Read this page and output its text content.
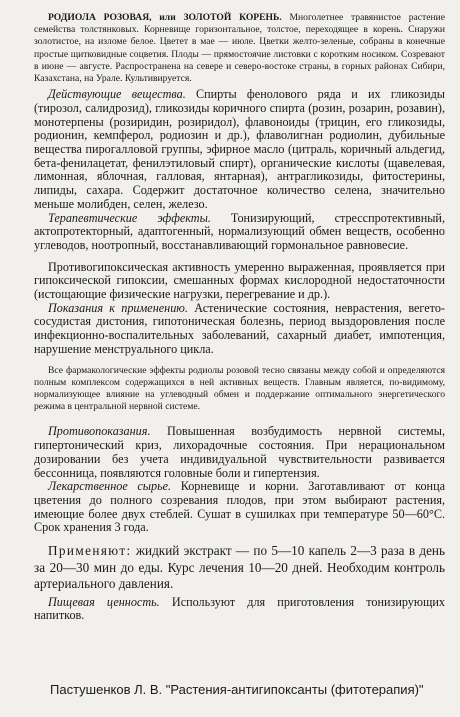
РОДИОЛА РОЗОВАЯ, или ЗОЛОТОЙ КОРЕНЬ. Многолетнее травянистое растение семейства толстянковых. Корневище горизонтальное, толстое, переходящее в корень. Снаружи золотистое, на изломе белое. Цветет в мае — июле. Цветки желто-зеленые, собраны в конечные простые щитковидные соцветия. Плоды — прямостоячие листовки с коротким носиком. Созревают в июне — августе. Распространена на севере и северо-востоке страны, в горных районах Сибири, Казахстана, на Урале. Культивируется.

Действующие вещества. Спирты фенолового ряда и их гликозиды (тирозол, салидрозид), гликозиды коричного спирта (розин, розарин, розавин), монотерпены (розиридин, розиридол), флавоноиды (трицин, его гликозиды, родионин, кемпферол, родиозин и др.), флаволигнан родиолин, дубильные вещества пирогалловой группы, эфирное масло (цитраль, коричный альдегид, бета-фенилацетат, фенилэтиловый спирт), органические кислоты (щавелевая, лимонная, яблочная, галловая, янтарная), антрагликозиды, фитостерины, липиды, сахара. Содержит достаточное количество селена, значительно меньше молибден, селен, железо.

Терапевтические эффекты. Тонизирующий, стресспротективный, актопротекторный, адаптогенный, нормализующий обмен веществ, особенно углеводов, ноотропный, восстанавливающий гормональное равновесие.

Противогипоксическая активность умеренно выраженная, проявляется при гипоксической гипоксии, смешанных формах кислородной недостаточности (истощающие физические нагрузки, перегревание и др.).

Показания к применению. Астенические состояния, неврастения, вегето-сосудистая дистония, гипотоническая болезнь, период выздоровления после инфекционно-воспалительных заболеваний, сахарный диабет, импотенция, нарушение менструального цикла.

Все фармакологические эффекты родиолы розовой тесно связаны между собой и определяются полным комплексом содержащихся в ней активных веществ. Главным является, по-видимому, нормализующее влияние на углеводный обмен и поддержание оптимального энергетического режима в центральной нервной системе.

Противопоказания. Повышенная возбудимость нервной системы, гипертонический криз, лихорадочные состояния. При нерациональном дозировании без учета индивидуальной чувствительности развивается бессонница, появляются головные боли и гипертензия.

Лекарственное сырье. Корневище и корни. Заготавливают от конца цветения до полного созревания плодов, при этом выбирают растения, имеющие более двух стеблей. Сушат в сушилках при температуре 50—60°С. Срок хранения 3 года.

Применяют: жидкий экстракт — по 5—10 капель 2—3 раза в день за 20—30 мин до еды. Курс лечения 10—20 дней. Необходим контроль артериального давления.

Пищевая ценность. Используют для приготовления тонизирующих напитков.

Пастушенков Л. В. "Растения-антигипоксанты (фитотерапия)"
